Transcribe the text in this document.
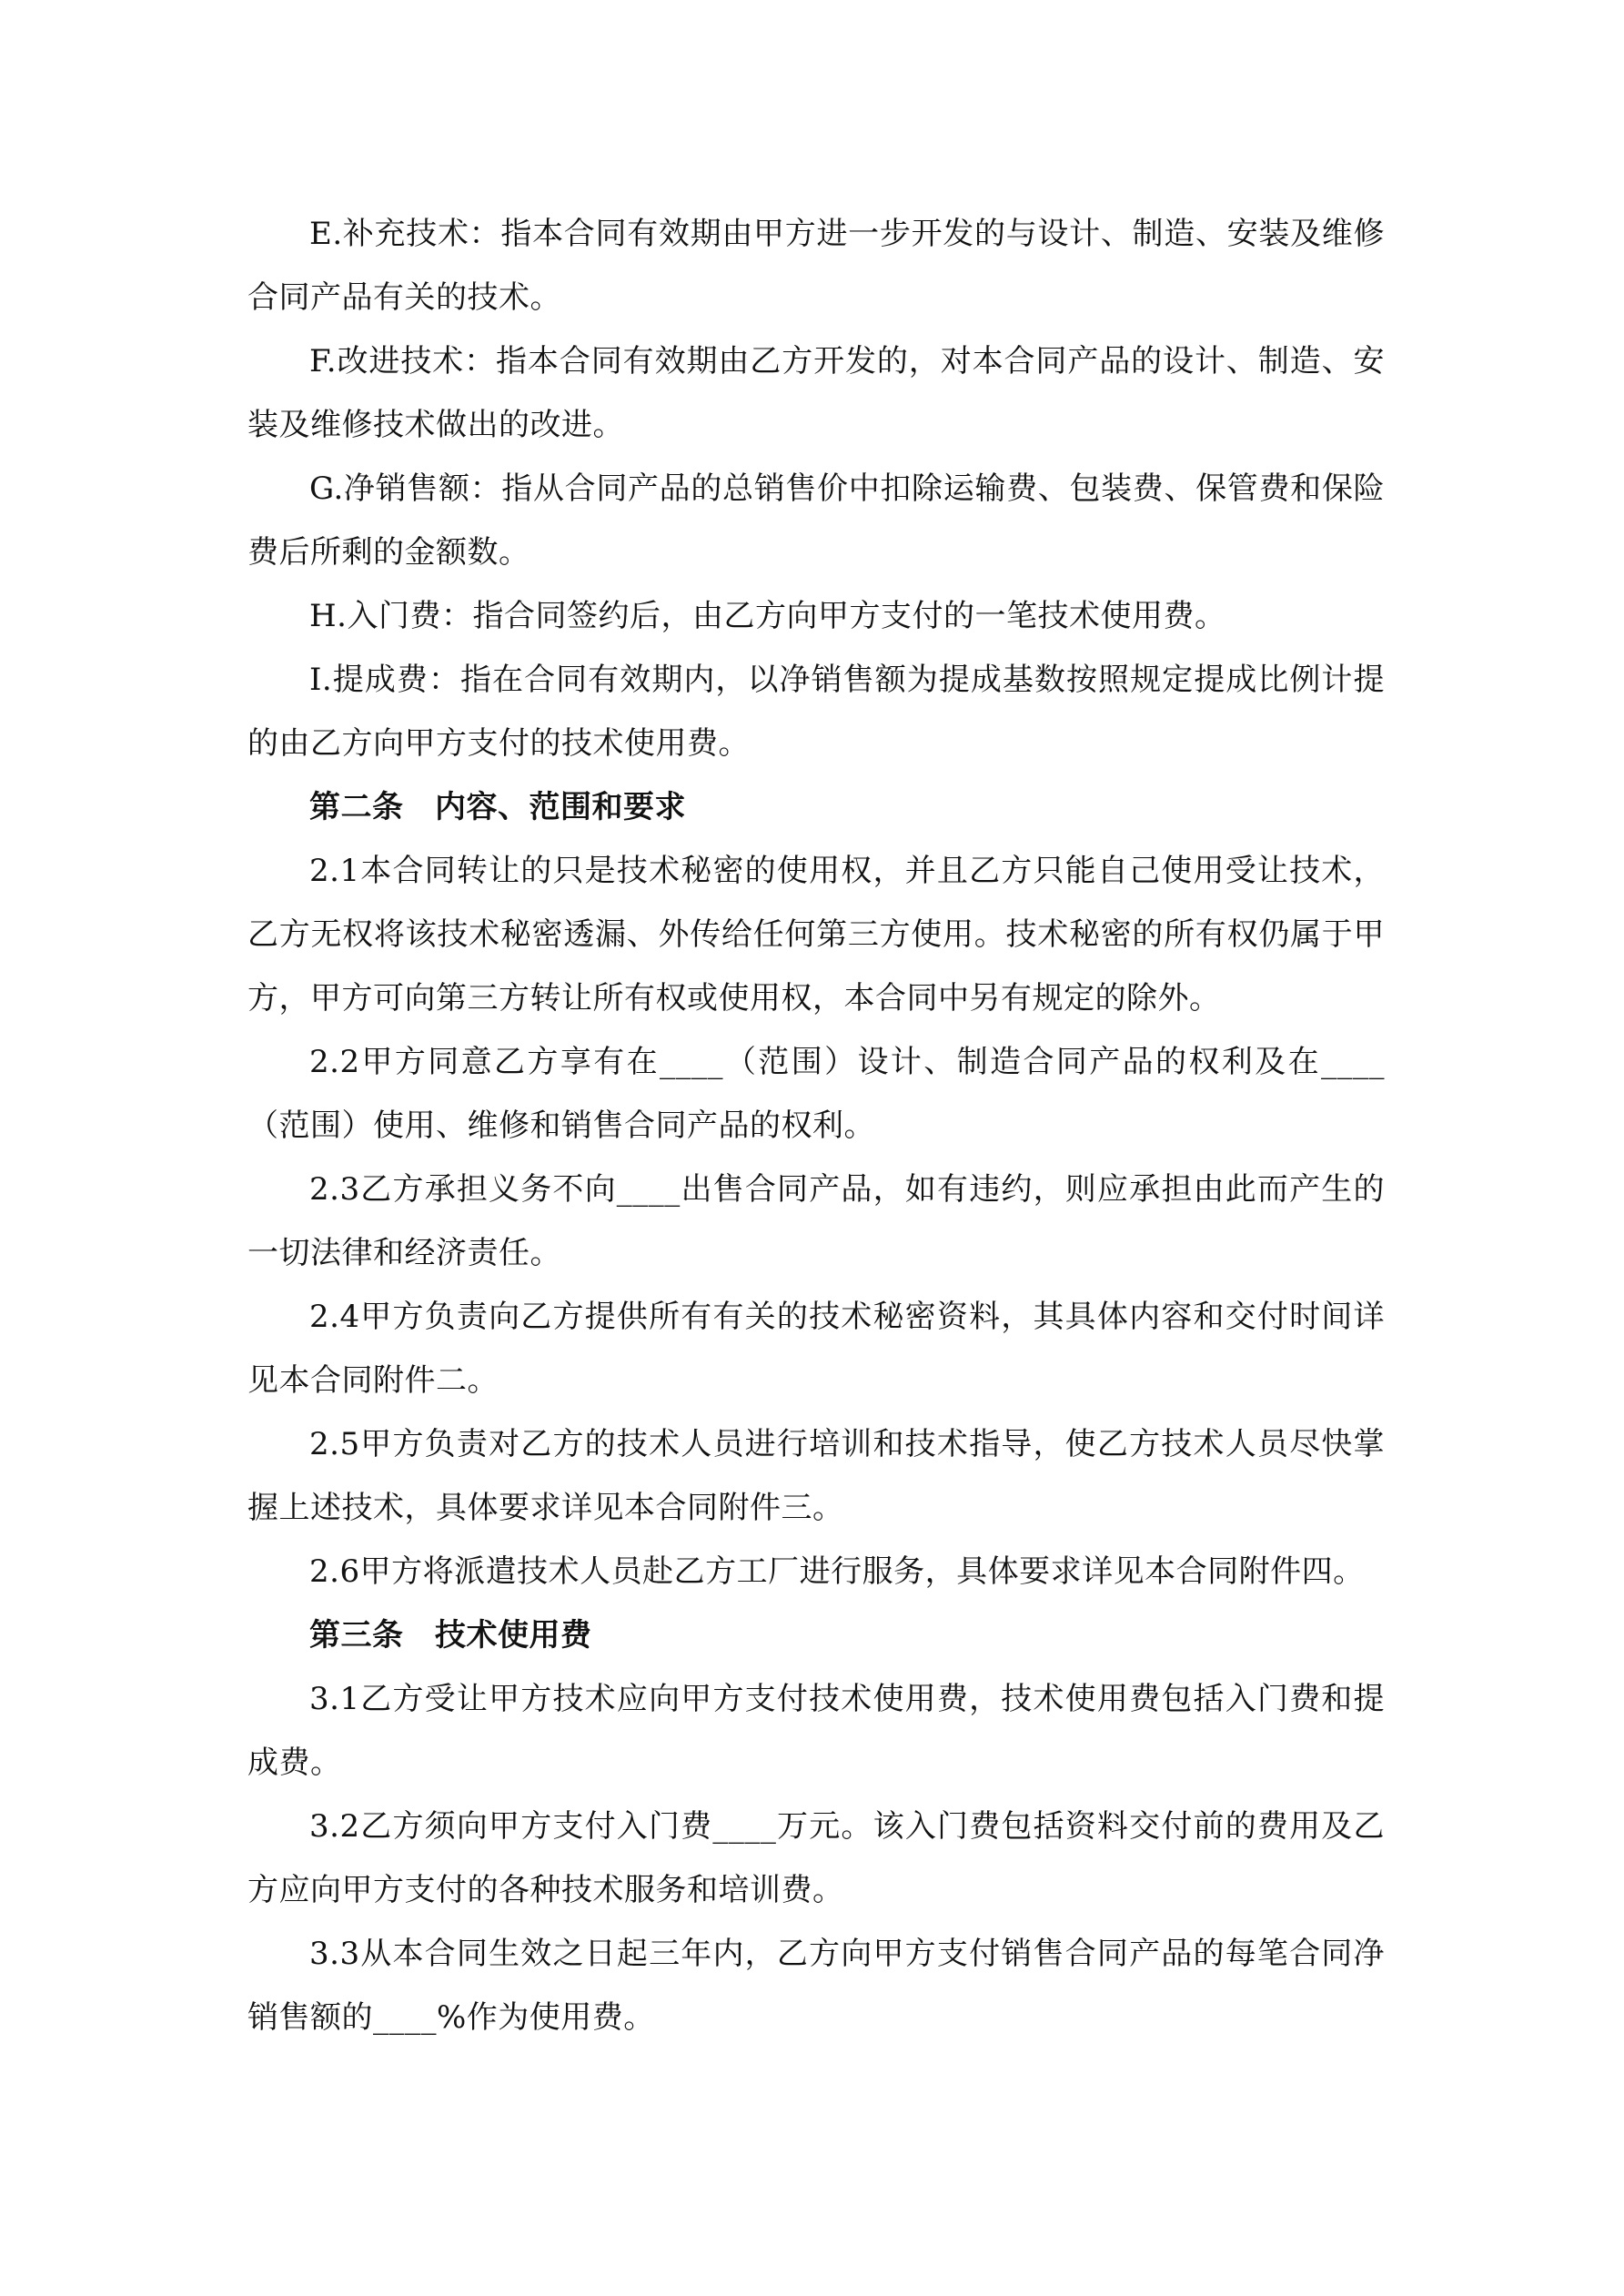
E.补充技术：指本合同有效期由甲方进一步开发的与设计、制造、安装及维修合同产品有关的技术。

F.改进技术：指本合同有效期由乙方开发的，对本合同产品的设计、制造、安装及维修技术做出的改进。

G.净销售额：指从合同产品的总销售价中扣除运输费、包装费、保管费和保险费后所剩的金额数。

H.入门费：指合同签约后，由乙方向甲方支付的一笔技术使用费。

I.提成费：指在合同有效期内，以净销售额为提成基数按照规定提成比例计提的由乙方向甲方支付的技术使用费。

第二条　内容、范围和要求

2.1本合同转让的只是技术秘密的使用权，并且乙方只能自己使用受让技术，乙方无权将该技术秘密透漏、外传给任何第三方使用。技术秘密的所有权仍属于甲方，甲方可向第三方转让所有权或使用权，本合同中另有规定的除外。

2.2甲方同意乙方享有在____（范围）设计、制造合同产品的权利及在____（范围）使用、维修和销售合同产品的权利。

2.3乙方承担义务不向____出售合同产品，如有违约，则应承担由此而产生的一切法律和经济责任。

2.4甲方负责向乙方提供所有有关的技术秘密资料，其具体内容和交付时间详见本合同附件二。

2.5甲方负责对乙方的技术人员进行培训和技术指导，使乙方技术人员尽快掌握上述技术，具体要求详见本合同附件三。

2.6甲方将派遣技术人员赴乙方工厂进行服务，具体要求详见本合同附件四。

第三条　技术使用费

3.1乙方受让甲方技术应向甲方支付技术使用费，技术使用费包括入门费和提成费。

3.2乙方须向甲方支付入门费____万元。该入门费包括资料交付前的费用及乙方应向甲方支付的各种技术服务和培训费。

3.3从本合同生效之日起三年内，乙方向甲方支付销售合同产品的每笔合同净销售额的____%作为使用费。
